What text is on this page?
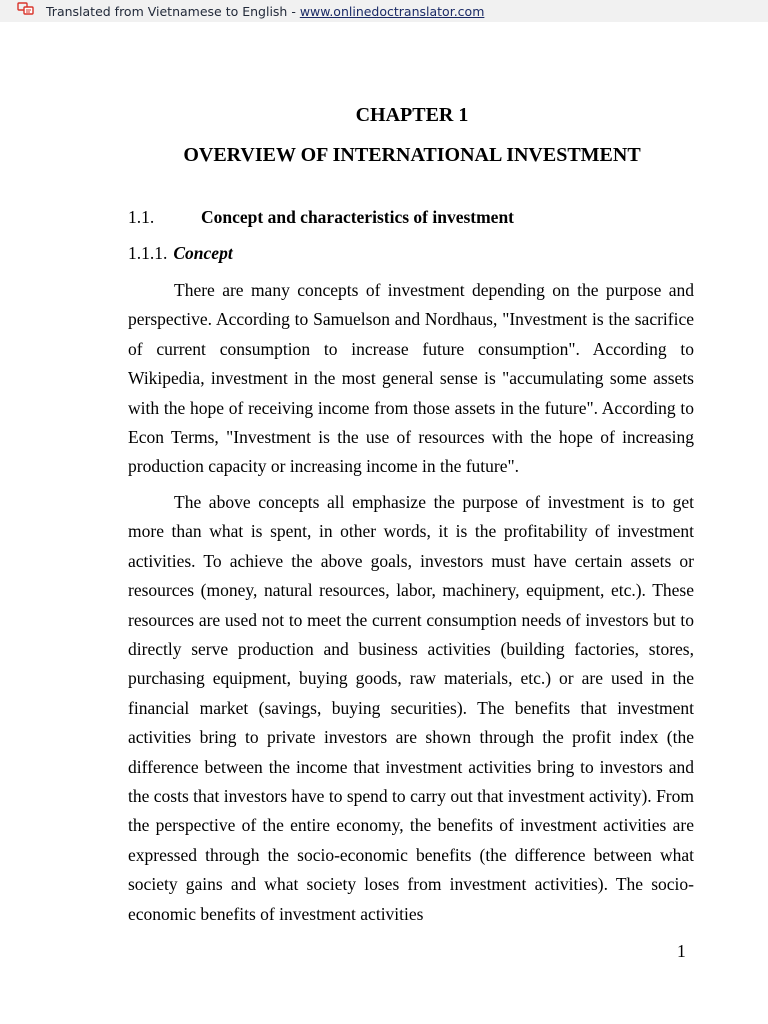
Translated from Vietnamese to English - www.onlinedoctranslator.com
CHAPTER 1
OVERVIEW OF INTERNATIONAL INVESTMENT
1.1.	Concept and characteristics of investment
1.1.1. Concept

There are many concepts of investment depending on the purpose and perspective. According to Samuelson and Nordhaus, "Investment is the sacrifice of current consumption to increase future consumption". According to Wikipedia, investment in the most general sense is "accumulating some assets with the hope of receiving income from those assets in the future". According to Econ Terms, "Investment is the use of resources with the hope of increasing production capacity or increasing income in the future".

The above concepts all emphasize the purpose of investment is to get more than what is spent, in other words, it is the profitability of investment activities. To achieve the above goals, investors must have certain assets or resources (money, natural resources, labor, machinery, equipment, etc.). These resources are used not to meet the current consumption needs of investors but to directly serve production and business activities (building factories, stores, purchasing equipment, buying goods, raw materials, etc.) or are used in the financial market (savings, buying securities). The benefits that investment activities bring to private investors are shown through the profit index (the difference between the income that investment activities bring to investors and the costs that investors have to spend to carry out that investment activity). From the perspective of the entire economy, the benefits of investment activities are expressed through the socio-economic benefits (the difference between what society gains and what society loses from investment activities). The socio-economic benefits of investment activities

1
